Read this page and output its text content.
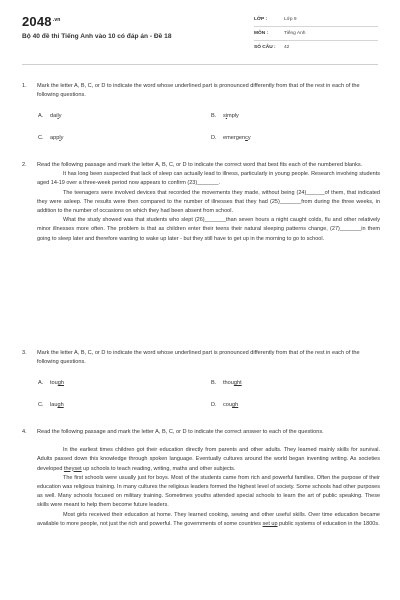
$2048^{.vn}$
Bộ 40 đề thi Tiếng Anh vào 10 có đáp án - Đề 18
LỚP :	Lớp 9
MÔN :	Tiếng Anh
SỐ CÂU : 42
1. Mark the letter A, B, C, or D to indicate the word whose underlined part is pronounced differently from that of the rest in each of the following questions.
A. daily	B. simply
C. apply	D. emergency
2. Read the following passage and mark the letter A, B, C, or D to indicate the correct word that best fits each of the numbered blanks.
It has long been suspected that lack of sleep can actually lead to illness, particularly in young people. Research involving students aged 14-19 over a three-week period now appears to confirm (23)_______.
The teenagers were involved devices that recorded the movements they made, without being (24)______of them, that indicated they were asleep. The results were then compared to the number of illnesses that they had (25)_______from during the three weeks, in addition to the number of occasions on which they had been absent from school.
What the study showed was that students who slept (26)_______than seven hours a night caught colds, flu and other relatively minor illnesses more often. The problem is that as children enter their teens their natural sleeping patterns change, (27)_______in them going to sleep later and therefore wanting to wake up later - but they still have to get up in the morning to go to school.
3. Mark the letter A, B, C, or D to indicate the word whose underlined part is pronounced differently from that of the rest in each of the following questions.
A. tough	B. thought
C. laugh	D. cough
4. Read the following passage and mark the letter A, B, C, or D to indicate the correct answer to each of the questions.
In the earliest times children got their education directly from parents and other adults. They learned mainly skills for survival. Adults passed down this knowledge through spoken language. Eventually cultures around the world began inventing writing. As societies developed theyset up schools to teach reading, writing, maths and other subjects.
The first schools were usually just for boys. Most of the students came from rich and powerful families. Often the purpose of their education was religious training. In many cultures the religious leaders formed the highest level of society. Some schools had other purposes as well. Many schools focused on military training. Sometimes youths attended special schools to learn the art of public speaking. These skills were meant to help them become future leaders.
Most girls received their education at home. They learned cooking, sewing and other useful skills. Over time education became available to more people, not just the rich and powerful. The governments of some countries set up public systems of education in the 1800s.
